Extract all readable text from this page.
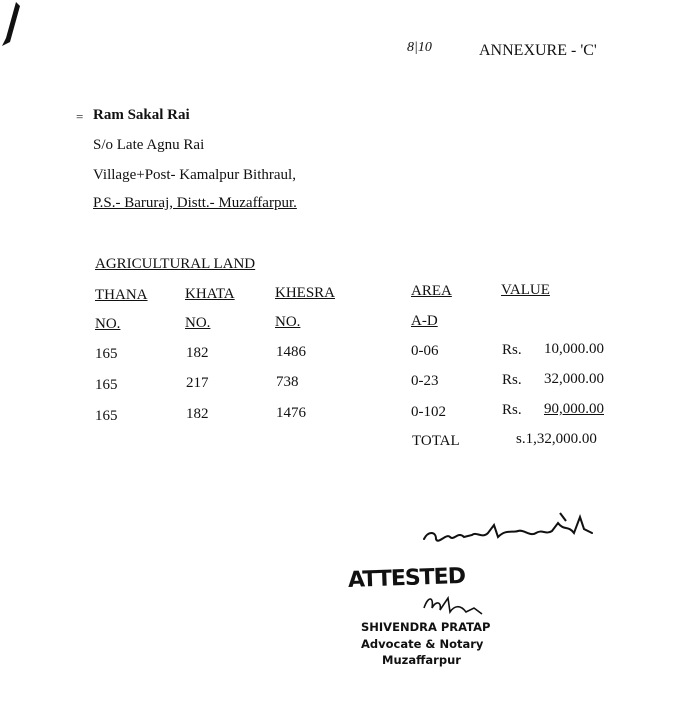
8|10	ANNEXURE - 'C'
= Ram Sakal Rai
S/o Late Agnu Rai
Village+Post- Kamalpur Bithraul,
P.S.- Baruraj, Distt.- Muzaffarpur.
AGRICULTURAL LAND
THANA	KHATA	KHESRA	AREA	VALUE
NO.	NO.	NO.	A-D
165	182	1486	0-06	Rs. 10,000.00
165	217	738	0-23	Rs. 32,000.00
165	182	1476	0-102	Rs. 90,000.00
TOTAL	s.1,32,000.00
ATTESTED
SHIVENDRA PRATAP
Advocate & Notary
Muzaffarpur
